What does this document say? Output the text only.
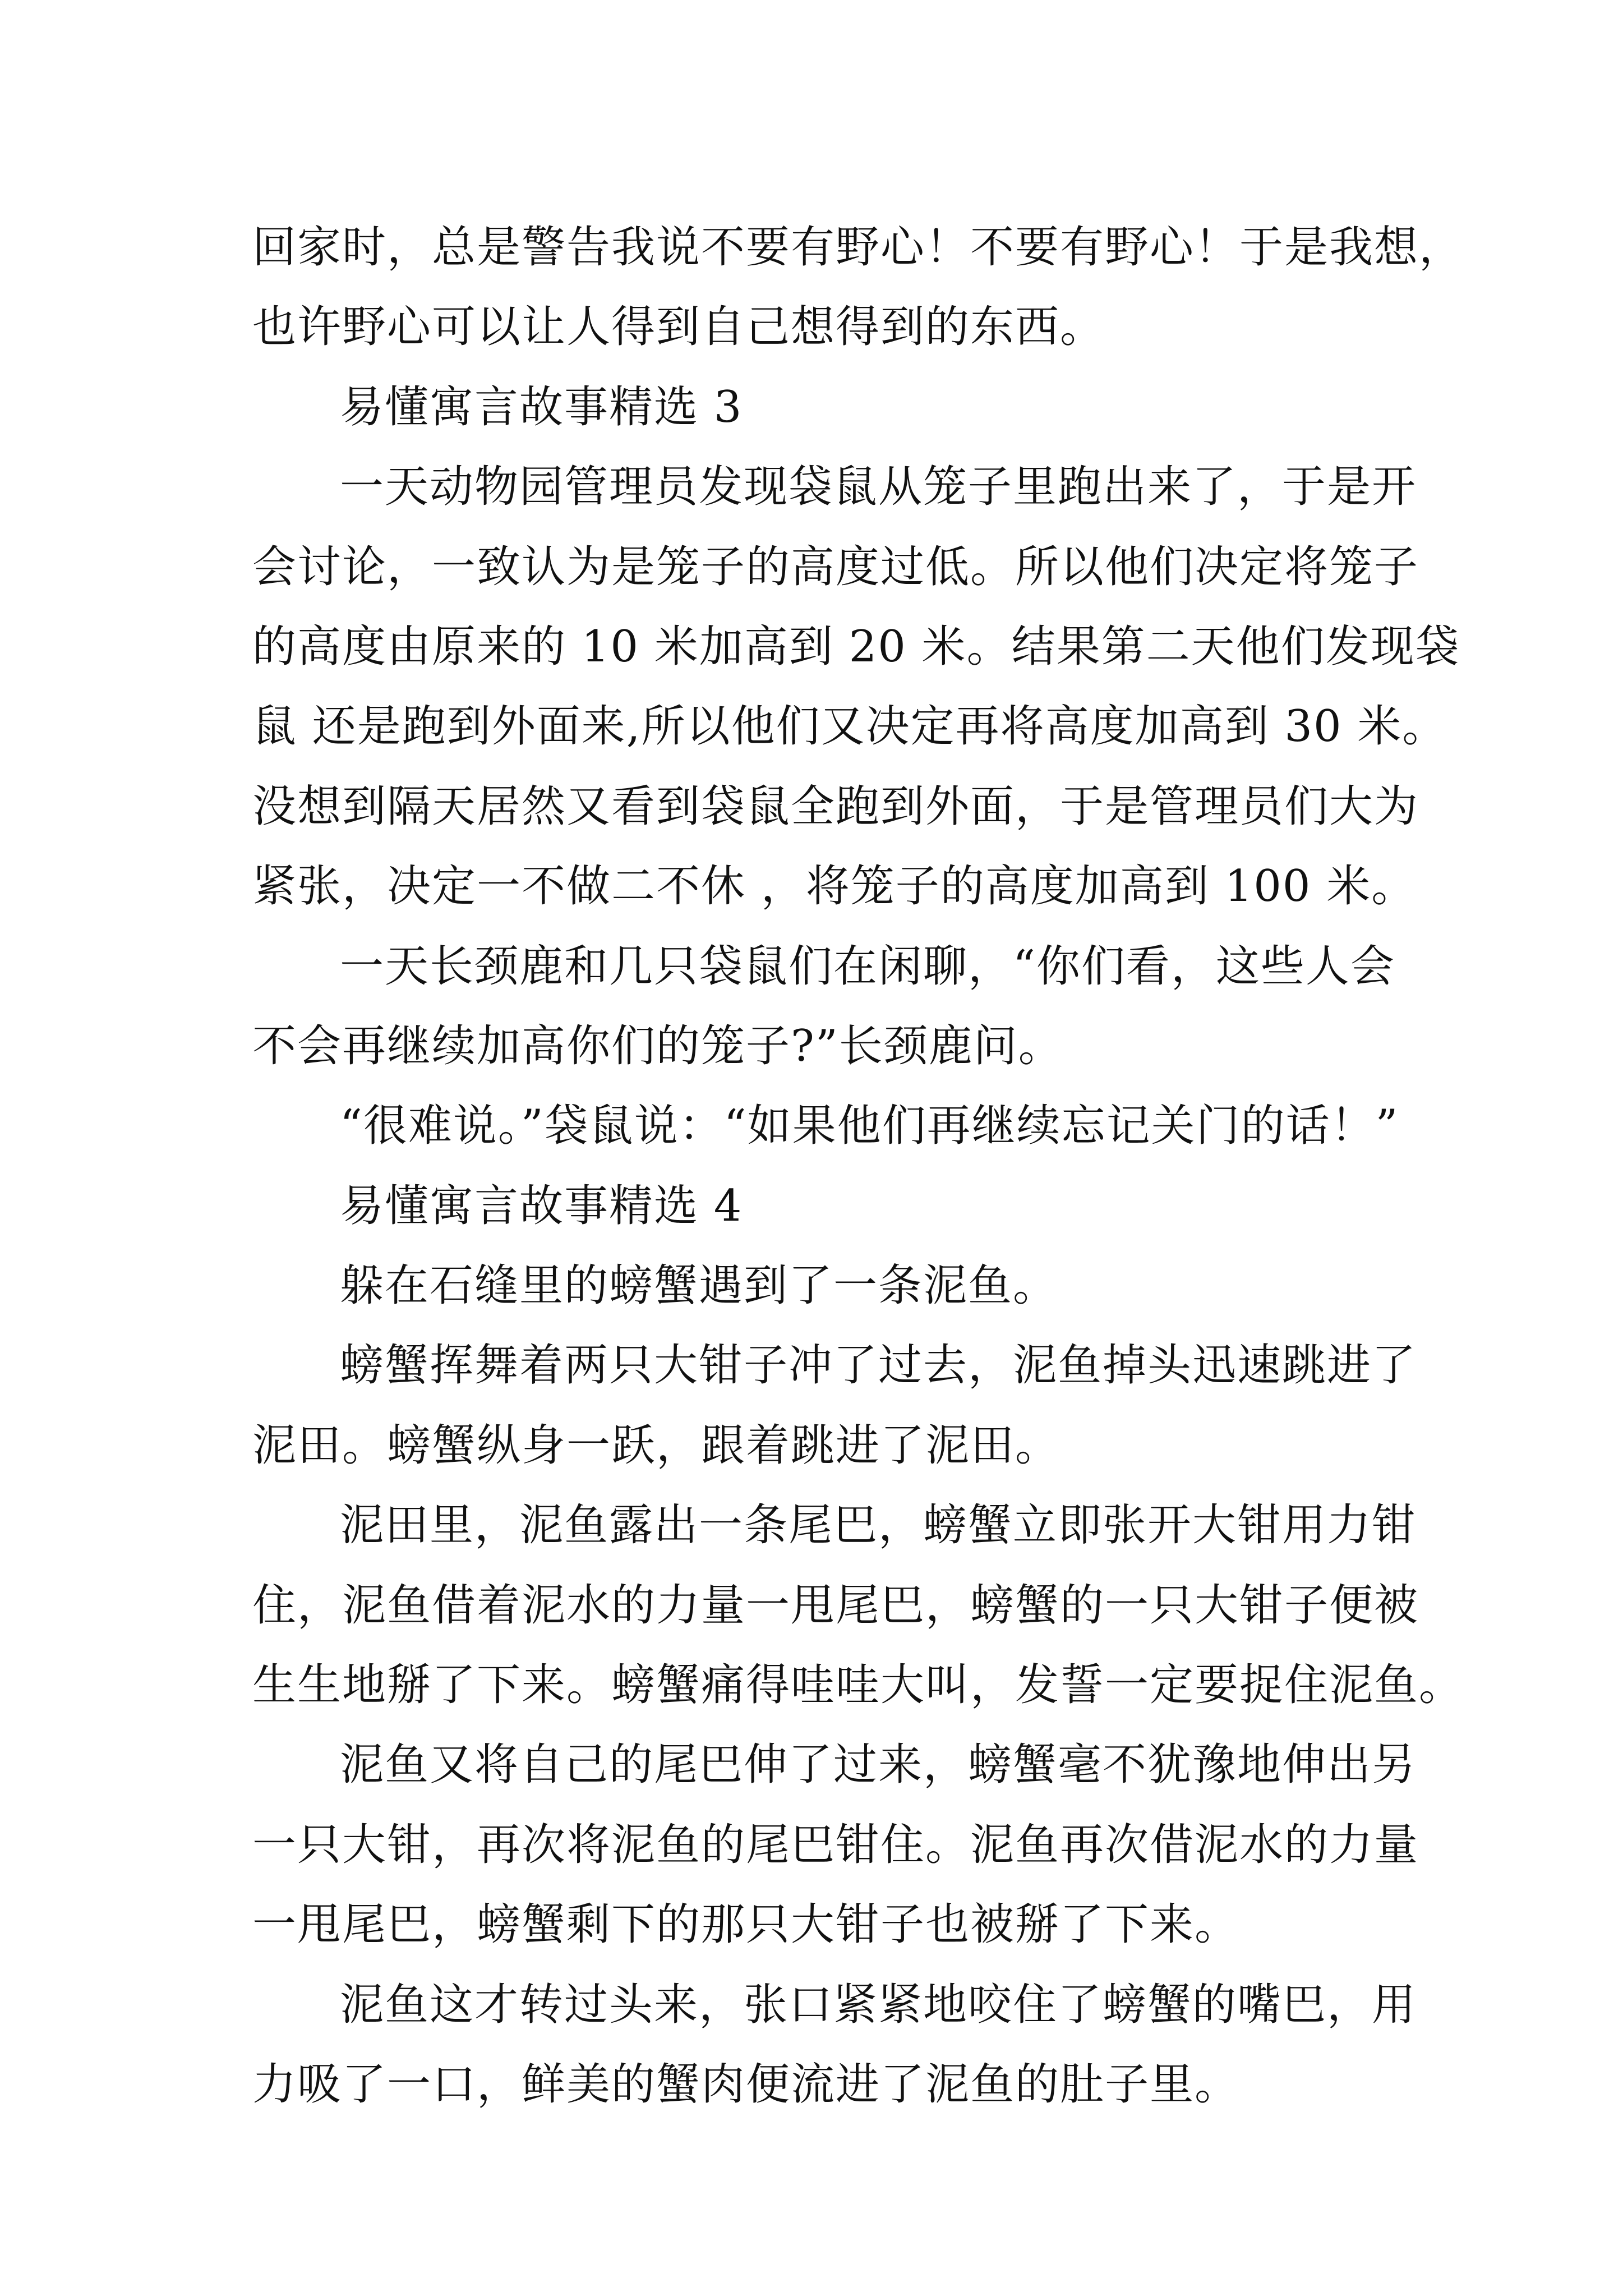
回家时，总是警告我说不要有野心！不要有野心！于是我想，
也许野心可以让人得到自己想得到的东西。
易懂寓言故事精选 3
一天动物园管理员发现袋鼠从笼子里跑出来了，于是开
会讨论，一致认为是笼子的高度过低。所以他们决定将笼子
的高度由原来的 10 米加高到 20 米。结果第二天他们发现袋
鼠 还是跑到外面来,所以他们又决定再将高度加高到 30 米。
没想到隔天居然又看到袋鼠全跑到外面，于是管理员们大为
紧张，决定一不做二不休 ，将笼子的高度加高到 100 米。
一天长颈鹿和几只袋鼠们在闲聊，“你们看，这些人会
不会再继续加高你们的笼子?”长颈鹿问。
“很难说。”袋鼠说：“如果他们再继续忘记关门的话！”
易懂寓言故事精选 4
躲在石缝里的螃蟹遇到了一条泥鱼。
螃蟹挥舞着两只大钳子冲了过去，泥鱼掉头迅速跳进了
泥田。螃蟹纵身一跃，跟着跳进了泥田。
泥田里，泥鱼露出一条尾巴，螃蟹立即张开大钳用力钳
住，泥鱼借着泥水的力量一甩尾巴，螃蟹的一只大钳子便被
生生地掰了下来。螃蟹痛得哇哇大叫，发誓一定要捉住泥鱼。
泥鱼又将自己的尾巴伸了过来，螃蟹毫不犹豫地伸出另
一只大钳，再次将泥鱼的尾巴钳住。泥鱼再次借泥水的力量
一甩尾巴，螃蟹剩下的那只大钳子也被掰了下来。
泥鱼这才转过头来，张口紧紧地咬住了螃蟹的嘴巴，用
力吸了一口，鲜美的蟹肉便流进了泥鱼的肚子里。
